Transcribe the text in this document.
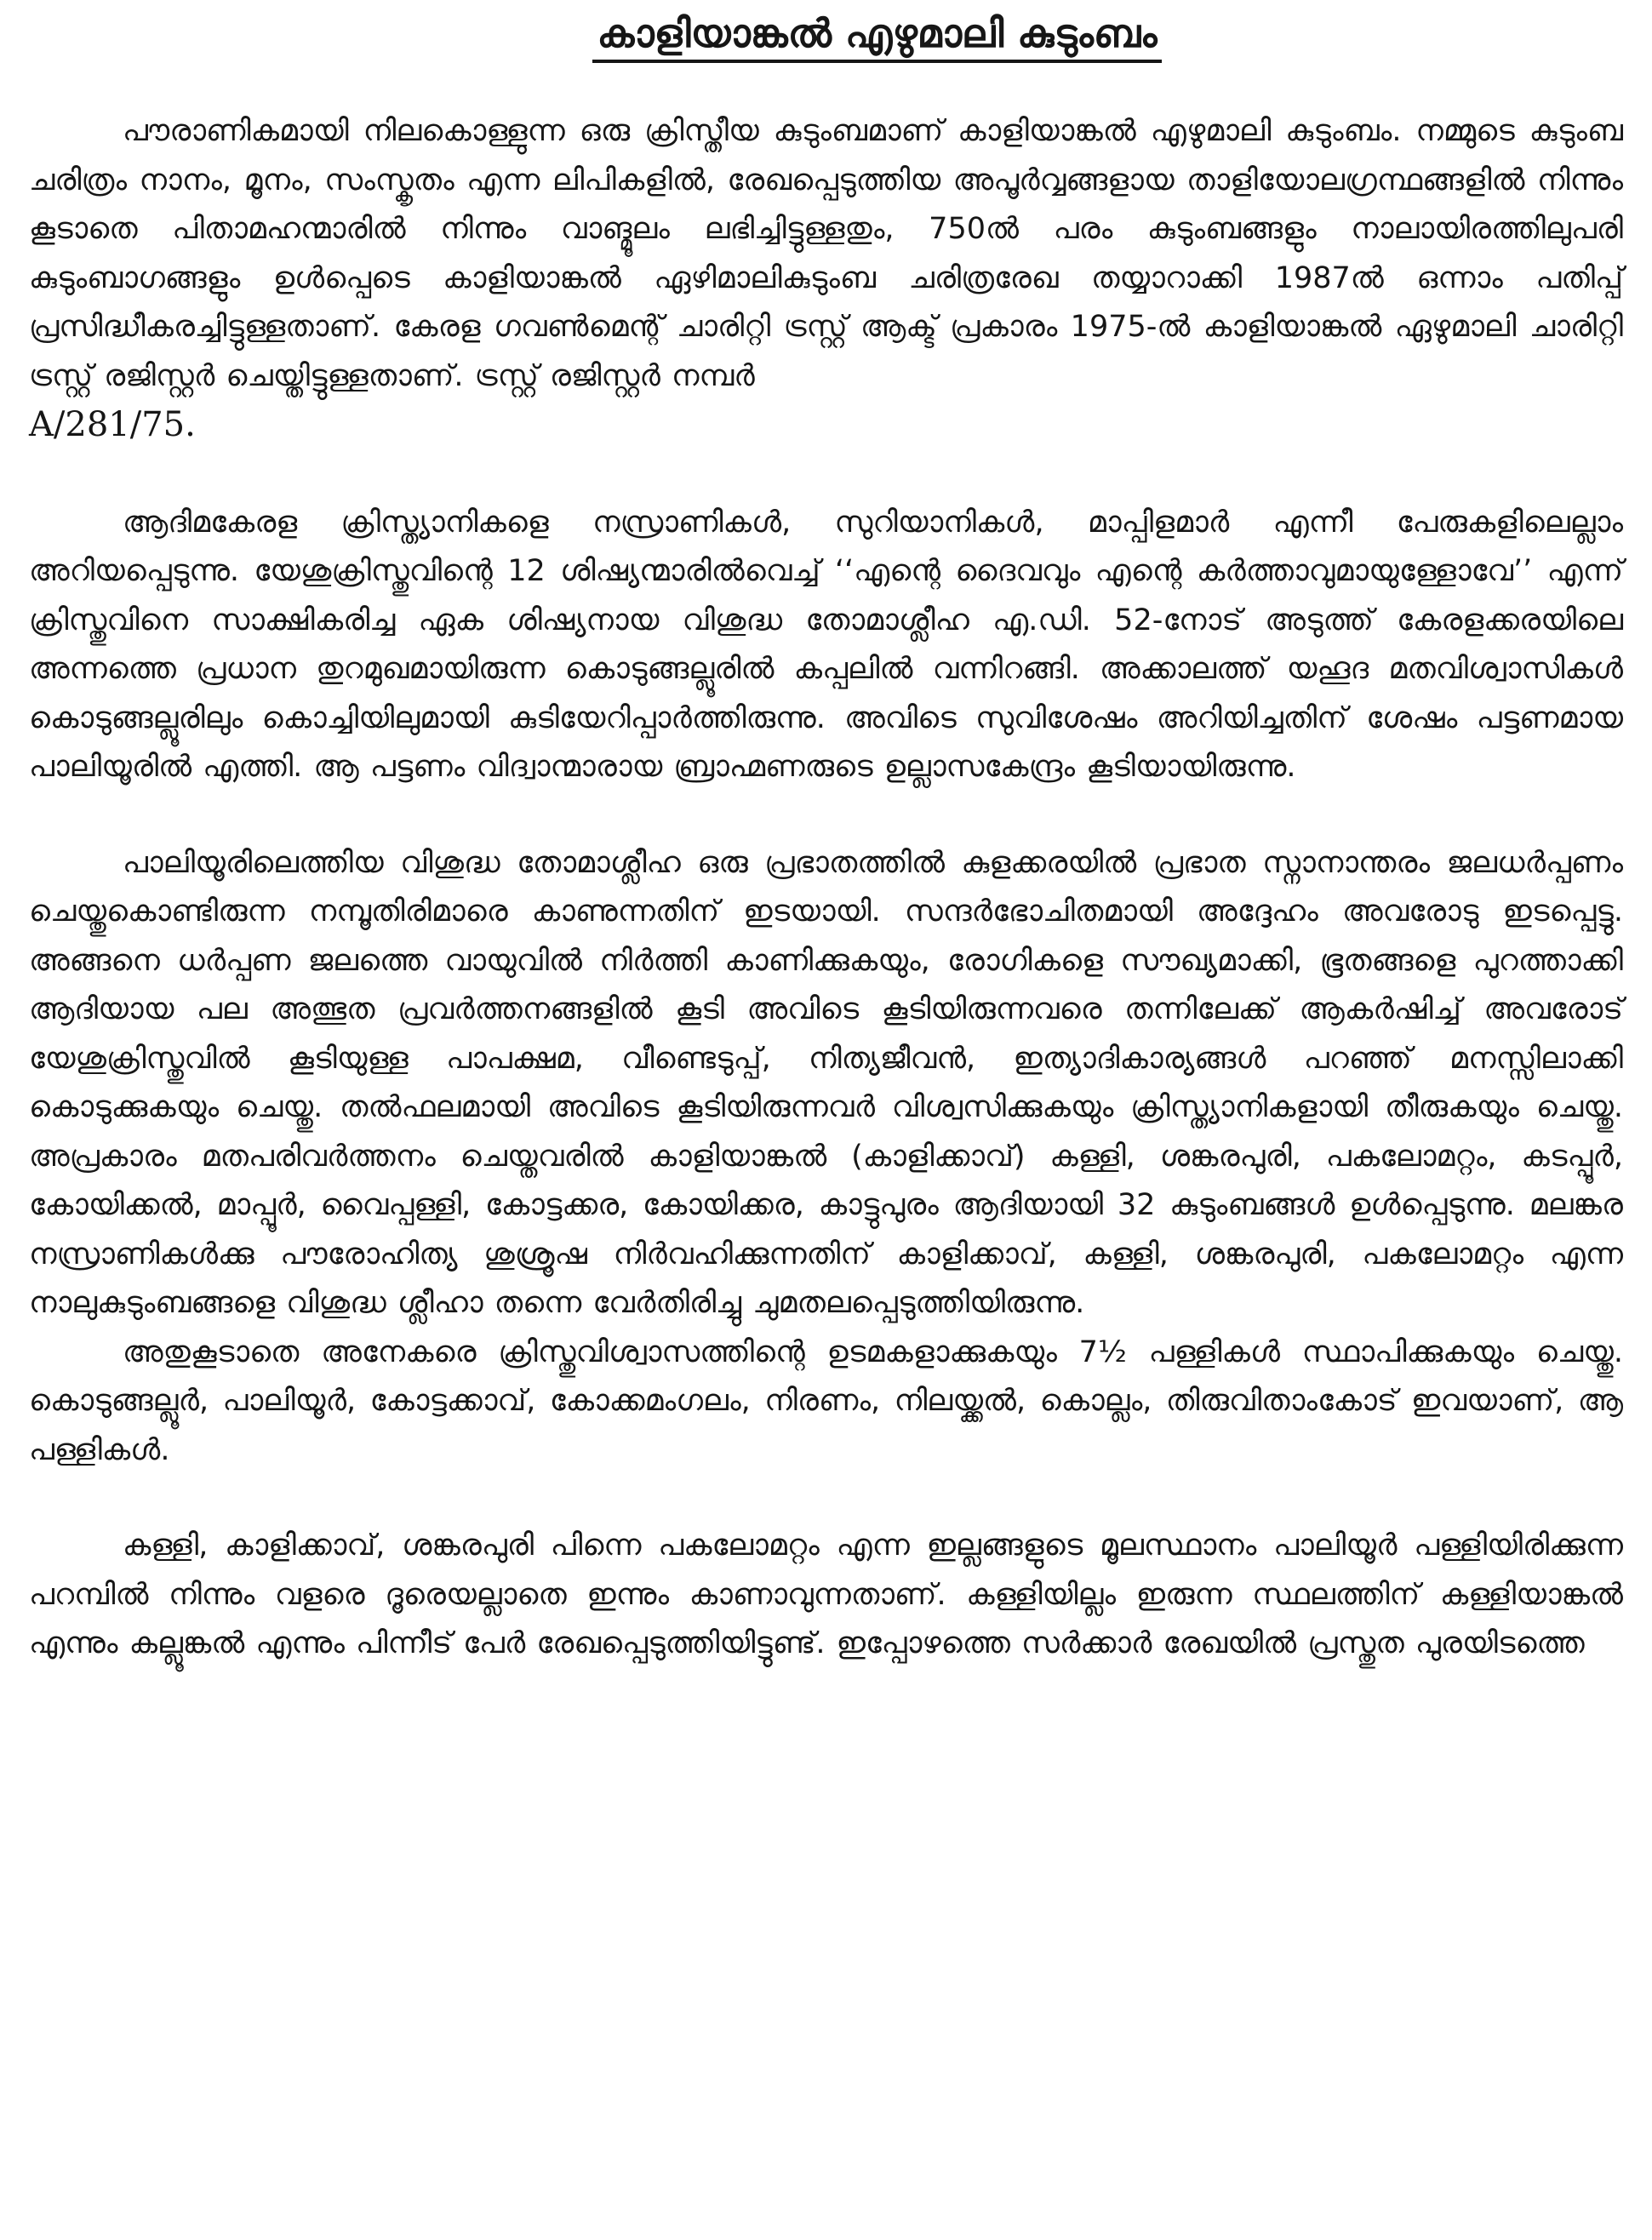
കാളിയാങ്കൽ എഴുമാലി കുടുംബം

പൗരാണികമായി നിലകൊള്ളുന്ന ഒരു ക്രിസ്തീയ കുടുംബമാണ് കാളിയാങ്കൽ എഴുമാലി കുടുംബം. നമ്മുടെ കുടുംബ ചരിത്രം നാനം, മൂനം, സംസ്കൃതം എന്ന ലിപികളിൽ, രേഖപ്പെടുത്തിയ അപൂർവ്വങ്ങളായ താളിയോലഗ്രന്ഥങ്ങളിൽ നിന്നും കൂടാതെ പിതാമഹന്മാരിൽ നിന്നും വാങ്മൂലം ലഭിച്ചിട്ടുള്ളതും, 750ൽ പരം കുടുംബങ്ങളും നാലായിരത്തിലുപരി കുടുംബാഗങ്ങളും ഉൾപ്പെടെ കാളിയാങ്കൽ ഏഴിമാലികുടുംബ ചരിത്രരേഖ തയ്യാറാക്കി 1987ൽ ഒന്നാം പതിപ്പ് പ്രസിദ്ധീകരച്ചിട്ടുള്ളതാണ്. കേരള ഗവൺമെന്റ് ചാരിറ്റി ട്രസ്റ്റ് ആക്ട് പ്രകാരം 1975-ൽ കാളിയാങ്കൽ ഏഴുമാലി ചാരിറ്റി ട്രസ്റ്റ് രജിസ്റ്റർ ചെയ്തിട്ടുള്ളതാണ്. ട്രസ്റ്റ് രജിസ്റ്റർ നമ്പർ
A/281/75.

ആദിമകേരള ക്രിസ്ത്യാനികളെ നസ്രാണികൾ, സുറിയാനികൾ, മാപ്പിളമാർ എന്നീ പേരുകളിലെല്ലാം അറിയപ്പെടുന്നു. യേശുക്രിസ്തുവിന്റെ 12 ശിഷ്യന്മാരിൽവെച്ച് ‘‘എന്റെ ദൈവവും എന്റെ കർത്താവുമായുള്ളോവേ’’ എന്ന് ക്രിസ്തുവിനെ സാക്ഷികരിച്ച ഏക ശിഷ്യനായ വിശുദ്ധ തോമാശ്ലീഹ എ.ഡി. 52-നോട് അടുത്ത് കേരളക്കരയിലെ അന്നത്തെ പ്രധാന തുറമുഖമായിരുന്ന കൊടുങ്ങല്ലൂരിൽ കപ്പലിൽ വന്നിറങ്ങി. അക്കാലത്ത് യഹൂദ മതവിശ്വാസികൾ കൊടുങ്ങല്ലൂരിലും കൊച്ചിയിലുമായി കുടിയേറിപ്പാർത്തിരുന്നു. അവിടെ സുവിശേഷം അറിയിച്ചതിന് ശേഷം പട്ടണമായ പാലിയൂരിൽ എത്തി. ആ പട്ടണം വിദ്വാന്മാരായ ബ്രാഹ്മണരുടെ ഉല്ലാസകേന്ദ്രം കൂടിയായിരുന്നു.

പാലിയൂരിലെത്തിയ വിശുദ്ധ തോമാശ്ലീഹ ഒരു പ്രഭാതത്തിൽ കുളക്കരയിൽ പ്രഭാത സ്നാനാന്തരം ജലധർപ്പണം ചെയ്തുകൊണ്ടിരുന്ന നമ്പൂതിരിമാരെ കാണുന്നതിന് ഇടയായി. സന്ദർഭോചിതമായി അദ്ദേഹം അവരോടു ഇടപ്പെട്ടു. അങ്ങനെ ധർപ്പണ ജലത്തെ വായുവിൽ നിർത്തി കാണിക്കുകയും, രോഗികളെ സൗഖ്യമാക്കി, ഭൂതങ്ങളെ പുറത്താക്കി ആദിയായ പല അത്ഭുത പ്രവർത്തനങ്ങളിൽ കൂടി അവിടെ കൂടിയിരുന്നവരെ തന്നിലേക്ക് ആകർഷിച്ച് അവരോട് യേശുക്രിസ്തുവിൽ കൂടിയുള്ള പാപക്ഷമ, വീണ്ടെടുപ്പ്, നിത്യജീവൻ, ഇത്യാദികാര്യങ്ങൾ പറഞ്ഞ് മനസ്സിലാക്കി കൊടുക്കുകയും ചെയ്തു. തൽഫലമായി അവിടെ കൂടിയിരുന്നവർ വിശ്വസിക്കുകയും ക്രിസ്ത്യാനികളായി തീരുകയും ചെയ്തു. അപ്രകാരം മതപരിവർത്തനം ചെയ്തവരിൽ കാളിയാങ്കൽ (കാളിക്കാവ്) കള്ളി, ശങ്കരപുരി, പകലോമറ്റം, കടപ്പൂർ, കോയിക്കൽ, മാപ്പൂർ, വൈപ്പള്ളി, കോട്ടക്കര, കോയിക്കര, കാട്ടുപുരം ആദിയായി 32 കുടുംബങ്ങൾ ഉൾപ്പെടുന്നു. മലങ്കര നസ്രാണികൾക്കു പൗരോഹിത്യ ശുശ്രൂഷ നിർവഹിക്കുന്നതിന് കാളിക്കാവ്, കള്ളി, ശങ്കരപുരി, പകലോമറ്റം എന്ന നാലുകുടുംബങ്ങളെ വിശുദ്ധ ശ്ലീഹാ തന്നെ വേർതിരിച്ചു ചുമതലപ്പെടുത്തിയിരുന്നു.

അതുകൂടാതെ അനേകരെ ക്രിസ്തുവിശ്വാസത്തിന്റെ ഉടമകളാക്കുകയും 7½ പള്ളികൾ സ്ഥാപിക്കുകയും ചെയ്തു. കൊടുങ്ങല്ലൂർ, പാലിയൂർ, കോട്ടക്കാവ്, കോക്കമംഗലം, നിരണം, നിലയ്ക്കൽ, കൊല്ലം, തിരുവിതാംകോട് ഇവയാണ്, ആ പള്ളികൾ.

കള്ളി, കാളിക്കാവ്, ശങ്കരപുരി പിന്നെ പകലോമറ്റം എന്ന ഇല്ലങ്ങളുടെ മൂലസ്ഥാനം പാലിയൂർ പള്ളിയിരിക്കുന്ന പറമ്പിൽ നിന്നും വളരെ ദൂരെയല്ലാതെ ഇന്നും കാണാവുന്നതാണ്. കള്ളിയില്ലം ഇരുന്ന സ്ഥലത്തിന് കള്ളിയാങ്കൽ എന്നും കല്ലൂങ്കൽ എന്നും പിന്നീട് പേർ രേഖപ്പെടുത്തിയിട്ടുണ്ട്. ഇപ്പോഴത്തെ സർക്കാർ രേഖയിൽ പ്രസ്തുത പുരയിടത്തെ
